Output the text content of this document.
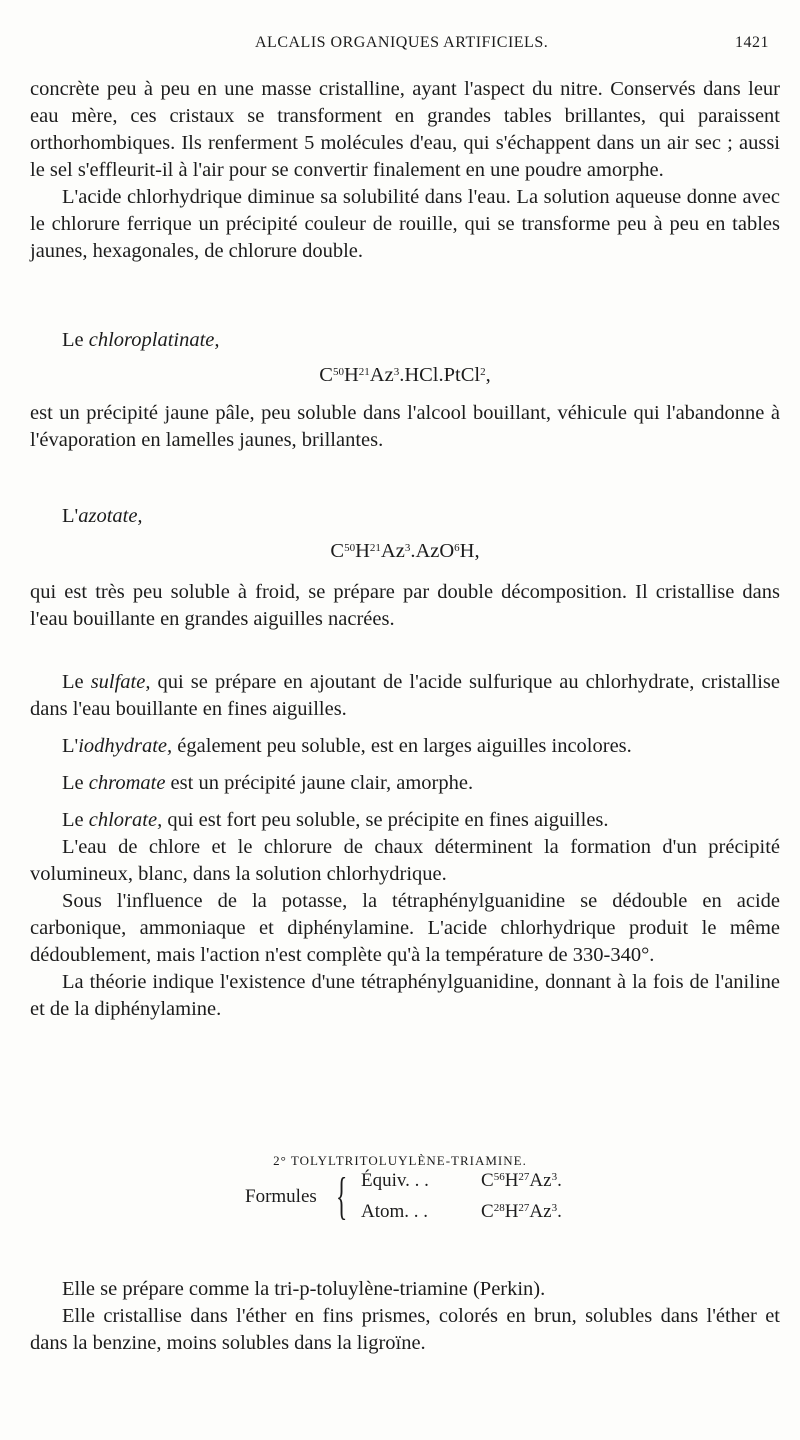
ALCALIS ORGANIQUES ARTIFICIELS.	1421

concrète peu à peu en une masse cristalline, ayant l'aspect du nitre. Conservés dans leur eau mère, ces cristaux se transforment en grandes tables brillantes, qui paraissent orthorhombiques. Ils renferment 5 molécules d'eau, qui s'échappent dans un air sec ; aussi le sel s'effleurit-il à l'air pour se convertir finalement en une poudre amorphe.

L'acide chlorhydrique diminue sa solubilité dans l'eau. La solution aqueuse donne avec le chlorure ferrique un précipité couleur de rouille, qui se transforme peu à peu en tables jaunes, hexagonales, de chlorure double.

Le chloroplatinate,

$C^{50}H^{21}Az^3.HCl.PtCl^2$,

est un précipité jaune pâle, peu soluble dans l'alcool bouillant, véhicule qui l'abandonne à l'évaporation en lamelles jaunes, brillantes.

L'azotate,

$C^{50}H^{21}Az^3.AzO^6H$,

qui est très peu soluble à froid, se prépare par double décomposition. Il cristallise dans l'eau bouillante en grandes aiguilles nacrées.

Le sulfate, qui se prépare en ajoutant de l'acide sulfurique au chlorhydrate, cristallise dans l'eau bouillante en fines aiguilles.

L'iodhydrate, également peu soluble, est en larges aiguilles incolores.

Le chromate est un précipité jaune clair, amorphe.

Le chlorate, qui est fort peu soluble, se précipite en fines aiguilles.

L'eau de chlore et le chlorure de chaux déterminent la formation d'un précipité volumineux, blanc, dans la solution chlorhydrique.

Sous l'influence de la potasse, la tétraphénylguanidine se dédouble en acide carbonique, ammoniaque et diphénylamine. L'acide chlorhydrique produit le même dédoublement, mais l'action n'est complète qu'à la température de 330-340°.

La théorie indique l'existence d'une tétraphénylguanidine, donnant à la fois de l'aniline et de la diphénylamine.

2° TOLYLTRITOLUYLÈNE-TRIAMINE.
Formules { Équiv. . .	$C^{56}H^{27}Az^3$.
Atom. . .	$C^{28}H^{27}Az^3$.

Elle se prépare comme la tri-p-toluylène-triamine (Perkin).

Elle cristallise dans l'éther en fins prismes, colorés en brun, solubles dans l'éther et dans la benzine, moins solubles dans la ligroïne.
